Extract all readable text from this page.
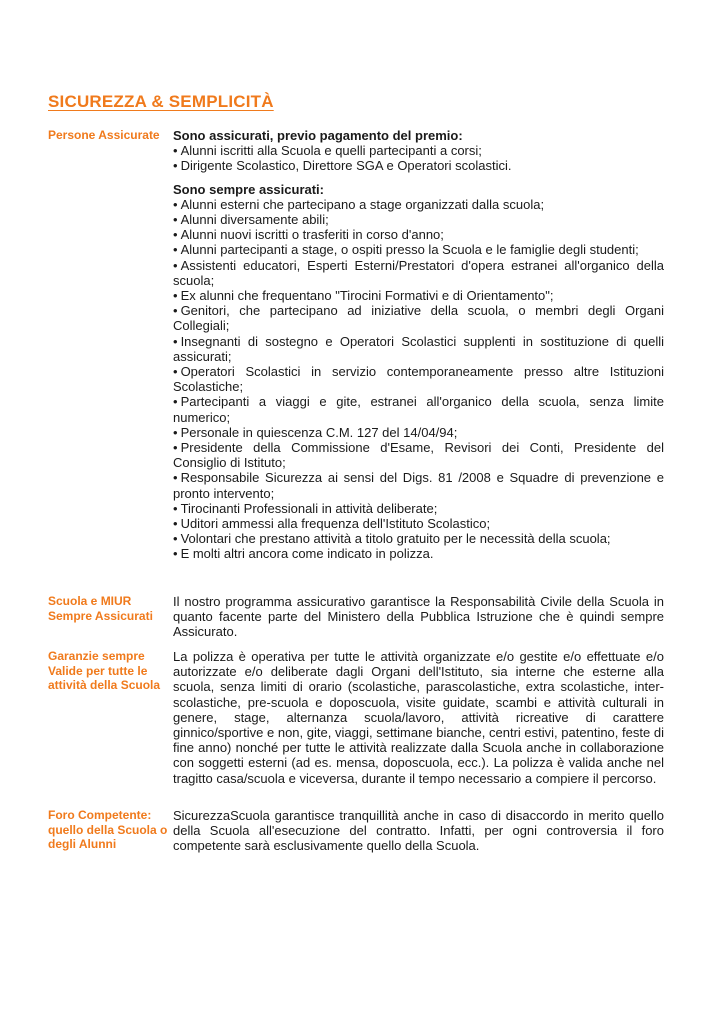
SICUREZZA & SEMPLICITÀ
Persone Assicurate	Sono assicurati, previo pagamento del premio:

• Alunni iscritti alla Scuola e quelli partecipanti a corsi;
• Dirigente Scolastico, Direttore SGA e Operatori scolastici.

Sono sempre assicurati:

• Alunni esterni che partecipano a stage organizzati dalla scuola;
• Alunni diversamente abili;
• Alunni nuovi iscritti o trasferiti in corso d'anno;
• Alunni partecipanti a stage, o ospiti presso la Scuola e le famiglie degli studenti;
• Assistenti educatori, Esperti Esterni/Prestatori d'opera estranei all'organico della scuola;
• Ex alunni che frequentano "Tirocini Formativi e di Orientamento";
• Genitori, che partecipano ad iniziative della scuola, o membri degli Organi Collegiali;
• Insegnanti di sostegno e Operatori Scolastici supplenti in sostituzione di quelli assicurati;
• Operatori Scolastici in servizio contemporaneamente presso altre Istituzioni Scolastiche;
• Partecipanti a viaggi e gite, estranei all'organico della scuola, senza limite numerico;
• Personale in quiescenza C.M. 127 del 14/04/94;
• Presidente della Commissione d'Esame, Revisori dei Conti, Presidente del Consiglio di Istituto;
• Responsabile Sicurezza ai sensi del Digs. 81 /2008 e Squadre di prevenzione e pronto intervento;
• Tirocinanti Professionali in attività deliberate;
• Uditori ammessi alla frequenza dell'Istituto Scolastico;
• Volontari che prestano attività a titolo gratuito per le necessità della scuola;
• E molti altri ancora come indicato in polizza.
Scuola e MIUR Sempre Assicurati

Il nostro programma assicurativo garantisce la Responsabilità Civile della Scuola in quanto facente parte del Ministero della Pubblica Istruzione che è quindi sempre Assicurato.

Garanzie sempre Valide per tutte le attività della Scuola

La polizza è operativa per tutte le attività organizzate e/o gestite e/o effettuate e/o autorizzate e/o deliberate dagli Organi dell'Istituto, sia interne che esterne alla scuola, senza limiti di orario (scolastiche, parascolastiche, extra scolastiche, inter-scolastiche, pre-scuola e doposcuola, visite guidate, scambi e attività culturali in genere, stage, alternanza scuola/lavoro, attività ricreative di carattere ginnico/sportive e non, gite, viaggi, settimane bianche, centri estivi, patentino, feste di fine anno) nonché per tutte le attività realizzate dalla Scuola anche in collaborazione con soggetti esterni (ad es. mensa, doposcuola, ecc.). La polizza è valida anche nel tragitto casa/scuola e viceversa, durante il tempo necessario a compiere il percorso.

Foro Competente: quello della Scuola o degli Alunni

SicurezzaScuola garantisce tranquillità anche in caso di disaccordo in merito quello della Scuola all'esecuzione del contratto. Infatti, per ogni controversia il foro competente sarà esclusivamente quello della Scuola.
